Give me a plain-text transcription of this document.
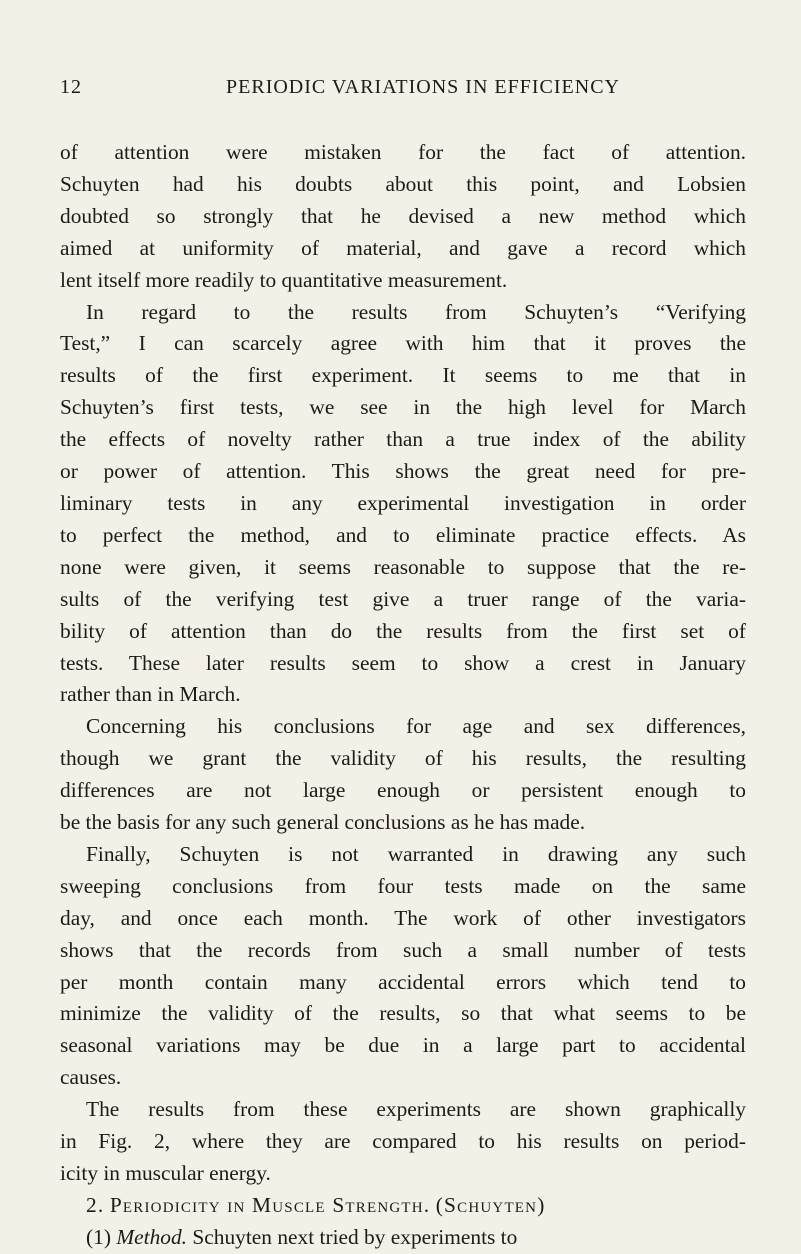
12	PERIODIC VARIATIONS IN EFFICIENCY

of attention were mistaken for the fact of attention.
Schuyten had his doubts about this point, and Lobsien
doubted so strongly that he devised a new method which
aimed at uniformity of material, and gave a record which
lent itself more readily to quantitative measurement.

In regard to the results from Schuyten’s “Verifying
Test,” I can scarcely agree with him that it proves the
results of the first experiment. It seems to me that in
Schuyten’s first tests, we see in the high level for March
the effects of novelty rather than a true index of the ability
or power of attention. This shows the great need for pre-
liminary tests in any experimental investigation in order
to perfect the method, and to eliminate practice effects. As
none were given, it seems reasonable to suppose that the re-
sults of the verifying test give a truer range of the varia-
bility of attention than do the results from the first set of
tests. These later results seem to show a crest in January
rather than in March.

Concerning his conclusions for age and sex differences,
though we grant the validity of his results, the resulting
differences are not large enough or persistent enough to
be the basis for any such general conclusions as he has made.

Finally, Schuyten is not warranted in drawing any such
sweeping conclusions from four tests made on the same
day, and once each month. The work of other investigators
shows that the records from such a small number of tests
per month contain many accidental errors which tend to
minimize the validity of the results, so that what seems to be
seasonal variations may be due in a large part to accidental
causes.

The results from these experiments are shown graphically
in Fig. 2, where they are compared to his results on period-
icity in muscular energy.

2. Periodicity in Muscle Strength. (Schuyten)

(1) Method. Schuyten next tried by experiments to
